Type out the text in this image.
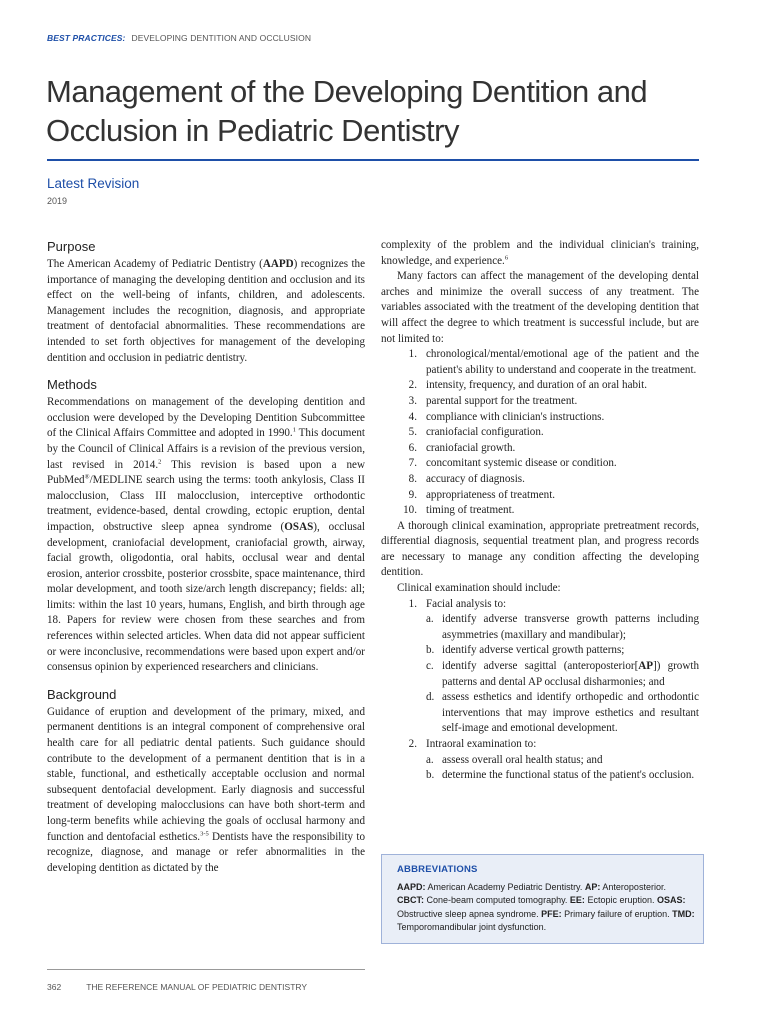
BEST PRACTICES: DEVELOPING DENTITION AND OCCLUSION
Management of the Developing Dentition and Occlusion in Pediatric Dentistry
Latest Revision
2019
Purpose

The American Academy of Pediatric Dentistry (AAPD) recognizes the importance of managing the developing dentition and occlusion and its effect on the well-being of infants, children, and adolescents. Management includes the recognition, diagnosis, and appropriate treatment of dentofacial abnormalities. These recommendations are intended to set forth objectives for management of the developing dentition and occlusion in pediatric dentistry.

Methods

Recommendations on management of the developing dentition and occlusion were developed by the Developing Dentition Subcommittee of the Clinical Affairs Committee and adopted in 1990.$^1$ This document by the Council of Clinical Affairs is a revision of the previous version, last revised in 2014.$^2$ This revision is based upon a new PubMed®/MEDLINE search using the terms: tooth ankylosis, Class II malocclusion, Class III malocclusion, interceptive orthodontic treatment, evidence-based, dental crowding, ectopic eruption, dental impaction, obstructive sleep apnea syndrome (OSAS), occlusal development, craniofacial development, craniofacial growth, airway, facial growth, oligodontia, oral habits, occlusal wear and dental erosion, anterior crossbite, posterior crossbite, space maintenance, third molar development, and tooth size/arch length discrepancy; fields: all; limits: within the last 10 years, humans, English, and birth through age 18. Papers for review were chosen from these searches and from references within selected articles. When data did not appear sufficient or were inconclusive, recommendations were based upon expert and/or consensus opinion by experienced researchers and clinicians.

Background

Guidance of eruption and development of the primary, mixed, and permanent dentitions is an integral component of comprehensive oral health care for all pediatric dental patients. Such guidance should contribute to the development of a permanent dentition that is in a stable, functional, and esthetically acceptable occlusion and normal subsequent dentofacial development. Early diagnosis and successful treatment of developing malocclusions can have both short-term and long-term benefits while achieving the goals of occlusal harmony and function and dentofacial esthetics.$^{3-5}$ Dentists have the responsibility to recognize, diagnose, and manage or refer abnormalities in the developing dentition as dictated by the

complexity of the problem and the individual clinician's training, knowledge, and experience.$^6$

Many factors can affect the management of the developing dental arches and minimize the overall success of any treatment. The variables associated with the treatment of the developing dentition that will affect the degree to which treatment is successful include, but are not limited to:

1. chronological/mental/emotional age of the patient and the patient's ability to understand and cooperate in the treatment.
2. intensity, frequency, and duration of an oral habit.
3. parental support for the treatment.
4. compliance with clinician's instructions.
5. craniofacial configuration.
6. craniofacial growth.
7. concomitant systemic disease or condition.
8. accuracy of diagnosis.
9. appropriateness of treatment.
10. timing of treatment.

A thorough clinical examination, appropriate pretreatment records, differential diagnosis, sequential treatment plan, and progress records are necessary to manage any condition affecting the developing dentition.

Clinical examination should include:

1. Facial analysis to:
a. identify adverse transverse growth patterns including asymmetries (maxillary and mandibular);
b. identify adverse vertical growth patterns;
c. identify adverse sagittal (anteroposterior[AP]) growth patterns and dental AP occlusal disharmonies; and
d. assess esthetics and identify orthopedic and orthodontic interventions that may improve esthetics and resultant self-image and emotional development.
2. Intraoral examination to:
a. assess overall oral health status; and
b. determine the functional status of the patient's occlusion.
ABBREVIATIONS
AAPD: American Academy Pediatric Dentistry. AP: Anteroposterior. CBCT: Cone-beam computed tomography. EE: Ectopic eruption. OSAS: Obstructive sleep apnea syndrome. PFE: Primary failure of eruption. TMD: Temporomandibular joint dysfunction.
362	THE REFERENCE MANUAL OF PEDIATRIC DENTISTRY
